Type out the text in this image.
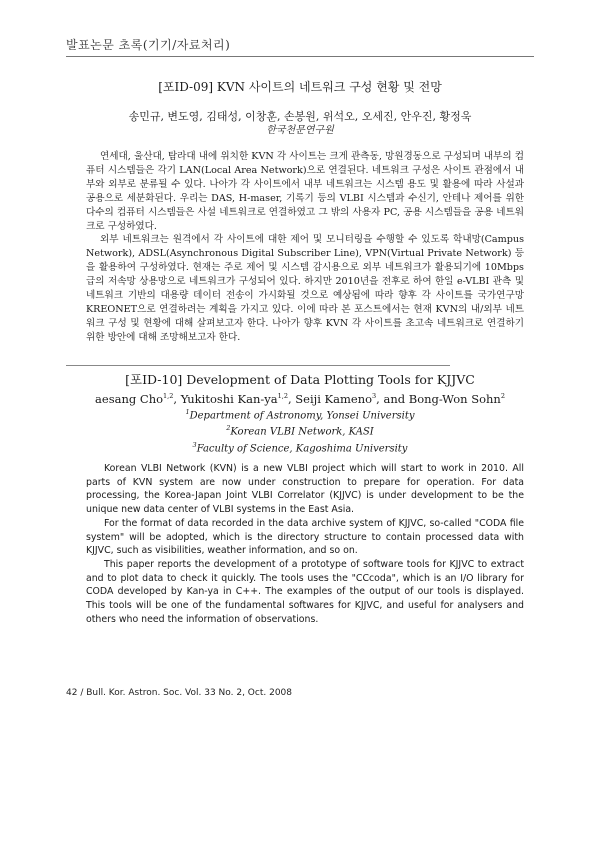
발표논문 초록(기기/자료처리)
[포ID-09] KVN 사이트의 네트워크 구성 현황 및 전망
송민규, 변도영, 김태성, 이창훈, 손봉원, 위석오, 오세진, 안우진, 황정욱
한국천문연구원

연세대, 울산대, 탐라대 내에 위치한 KVN 각 사이트는 크게 관측동, 망원경동으로 구성되며 내부의 컴퓨터 시스템들은 각기 LAN(Local Area Network)으로 연결된다. 네트워크 구성은 사이트 관점에서 내부와 외부로 분류될 수 있다. 나아가 각 사이트에서 내부 네트워크는 시스템 용도 및 활용에 따라 사설과 공용으로 세분화된다. 우리는 DAS, H-maser, 기록기 등의 VLBI 시스템과 수신기, 안테나 제어를 위한 다수의 컴퓨터 시스템들은 사설 네트워크로 연결하였고 그 밖의 사용자 PC, 공용 시스템들을 공용 네트워크로 구성하였다.

외부 네트워크는 원격에서 각 사이트에 대한 제어 및 모니터링을 수행할 수 있도록 학내망(Campus Network), ADSL(Asynchronous Digital Subscriber Line), VPN(Virtual Private Network) 등을 활용하여 구성하였다. 현재는 주로 제어 및 시스템 감시용으로 외부 네트워크가 활용되기에 10Mbps급의 저속망 상용망으로 네트워크가 구성되어 있다. 하지만 2010년을 전후로 하여 한일 e-VLBI 관측 및 네트워크 기반의 대용량 데이터 전송이 가시화될 것으로 예상됨에 따라 향후 각 사이트를 국가연구망 KREONET으로 연결하려는 계획을 가지고 있다. 이에 따라 본 포스트에서는 현재 KVN의 내/외부 네트워크 구성 및 현황에 대해 살펴보고자 한다. 나아가 향후 KVN 각 사이트를 초고속 네트워크로 연결하기 위한 방안에 대해 조망해보고자 한다.

[포ID-10] Development of Data Plotting Tools for KJJVC
aesang Cho$^{1,2}$, Yukitoshi Kan-ya$^{1,2}$, Seiji Kameno$^3$, and Bong-Won Sohn$^2$
$^1$Department of Astronomy, Yonsei University
$^2$Korean VLBI Network, KASI
$^3$Faculty of Science, Kagoshima University

Korean VLBI Network (KVN) is a new VLBI project which will start to work in 2010. All parts of KVN system are now under construction to prepare for operation. For data processing, the Korea-Japan Joint VLBI Correlator (KJJVC) is under development to be the unique new data center of VLBI systems in the East Asia.

For the format of data recorded in the data archive system of KJJVC, so-called "CODA file system" will be adopted, which is the directory structure to contain processed data with KJJVC, such as visibilities, weather information, and so on.

This paper reports the development of a prototype of software tools for KJJVC to extract and to plot data to check it quickly. The tools uses the "CCcoda", which is an I/O library for CODA developed by Kan-ya in C++. The examples of the output of our tools is displayed. This tools will be one of the fundamental softwares for KJJVC, and useful for analysers and others who need the information of observations.

42 / Bull. Kor. Astron. Soc. Vol. 33 No. 2, Oct. 2008
